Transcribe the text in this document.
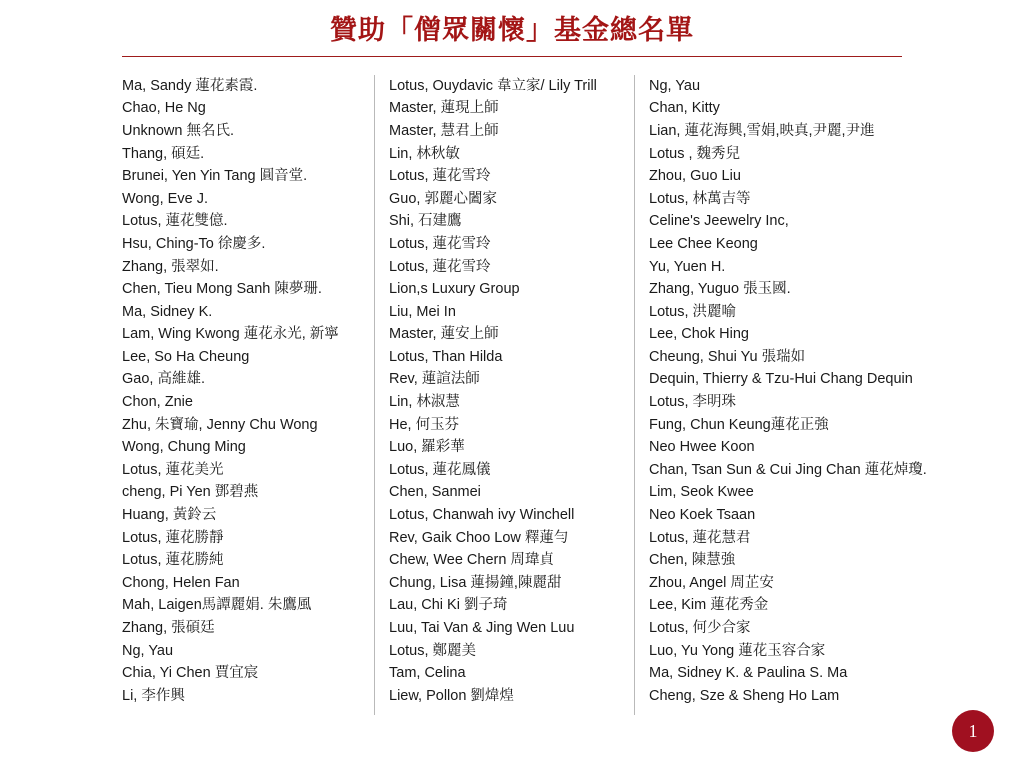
贊助「僧眾關懷」基金總名單
Ma, Sandy 蓮花素霞.
Chao, He Ng
Unknown 無名氏.
Thang, 碩廷.
Brunei, Yen Yin Tang 圓音堂.
Wong, Eve J.
Lotus, 蓮花雙億.
Hsu, Ching-To 徐慶多.
Zhang, 張翠如.
Chen, Tieu Mong Sanh 陳夢珊.
Ma, Sidney K.
Lam, Wing Kwong 蓮花永光, 新寧
Lee, So Ha Cheung
Gao, 高維雄.
Chon, Znie
Zhu, 朱寶瑜, Jenny Chu Wong
Wong, Chung Ming
Lotus, 蓮花美光
cheng, Pi Yen 鄧碧燕
Huang, 黃鈴云
Lotus, 蓮花勝靜
Lotus, 蓮花勝純
Chong, Helen Fan
Mah, Laigen馬譚麗娟. 朱鷹風
Zhang, 張碩廷
Ng, Yau
Chia, Yi Chen 賈宜宸
Li, 李作興
Lotus, Ouydavic 韋立家/ Lily Trill
Master, 蓮現上師
Master, 慧君上師
Lin, 林秋敏
Lotus, 蓮花雪玲
Guo, 郭麗心闔家
Shi, 石建鷹
Lotus, 蓮花雪玲
Lotus, 蓮花雪玲
Lion,s Luxury Group
Liu, Mei In
Master, 蓮安上師
Lotus, Than Hilda
Rev, 蓮諠法師
Lin, 林淑慧
He, 何玉芬
Luo, 羅彩華
Lotus, 蓮花鳳儀
Chen, Sanmei
Lotus, Chanwah ivy Winchell
Rev, Gaik Choo Low 釋蓮勻
Chew, Wee Chern 周瑋貞
Chung, Lisa 蓮揚鐘,陳麗甜
Lau, Chi Ki 劉子琦
Luu, Tai Van & Jing Wen Luu
Lotus, 鄭麗美
Tam, Celina
Liew, Pollon 劉煒煌
Ng, Yau
Chan, Kitty
Lian, 蓮花海興,雪娟,映真,尹麗,尹進
Lotus , 魏秀兒
Zhou, Guo Liu
Lotus, 林萬吉等
Celine's Jeewelry Inc,
Lee Chee Keong
Yu, Yuen H.
Zhang, Yuguo 張玉國.
Lotus, 洪麗喻
Lee, Chok Hing
Cheung, Shui Yu 張瑞如
Dequin, Thierry & Tzu-Hui Chang Dequin
Lotus, 李明珠
Fung, Chun Keung蓮花正強
Neo Hwee Koon
Chan, Tsan Sun & Cui Jing Chan 蓮花焯瓊.
Lim, Seok Kwee
Neo Koek Tsaan
Lotus, 蓮花慧君
Chen, 陳慧強
Zhou, Angel 周芷安
Lee, Kim 蓮花秀金
Lotus, 何少合家
Luo, Yu Yong 蓮花玉容合家
Ma, Sidney K. & Paulina S. Ma
Cheng, Sze & Sheng Ho Lam
1
